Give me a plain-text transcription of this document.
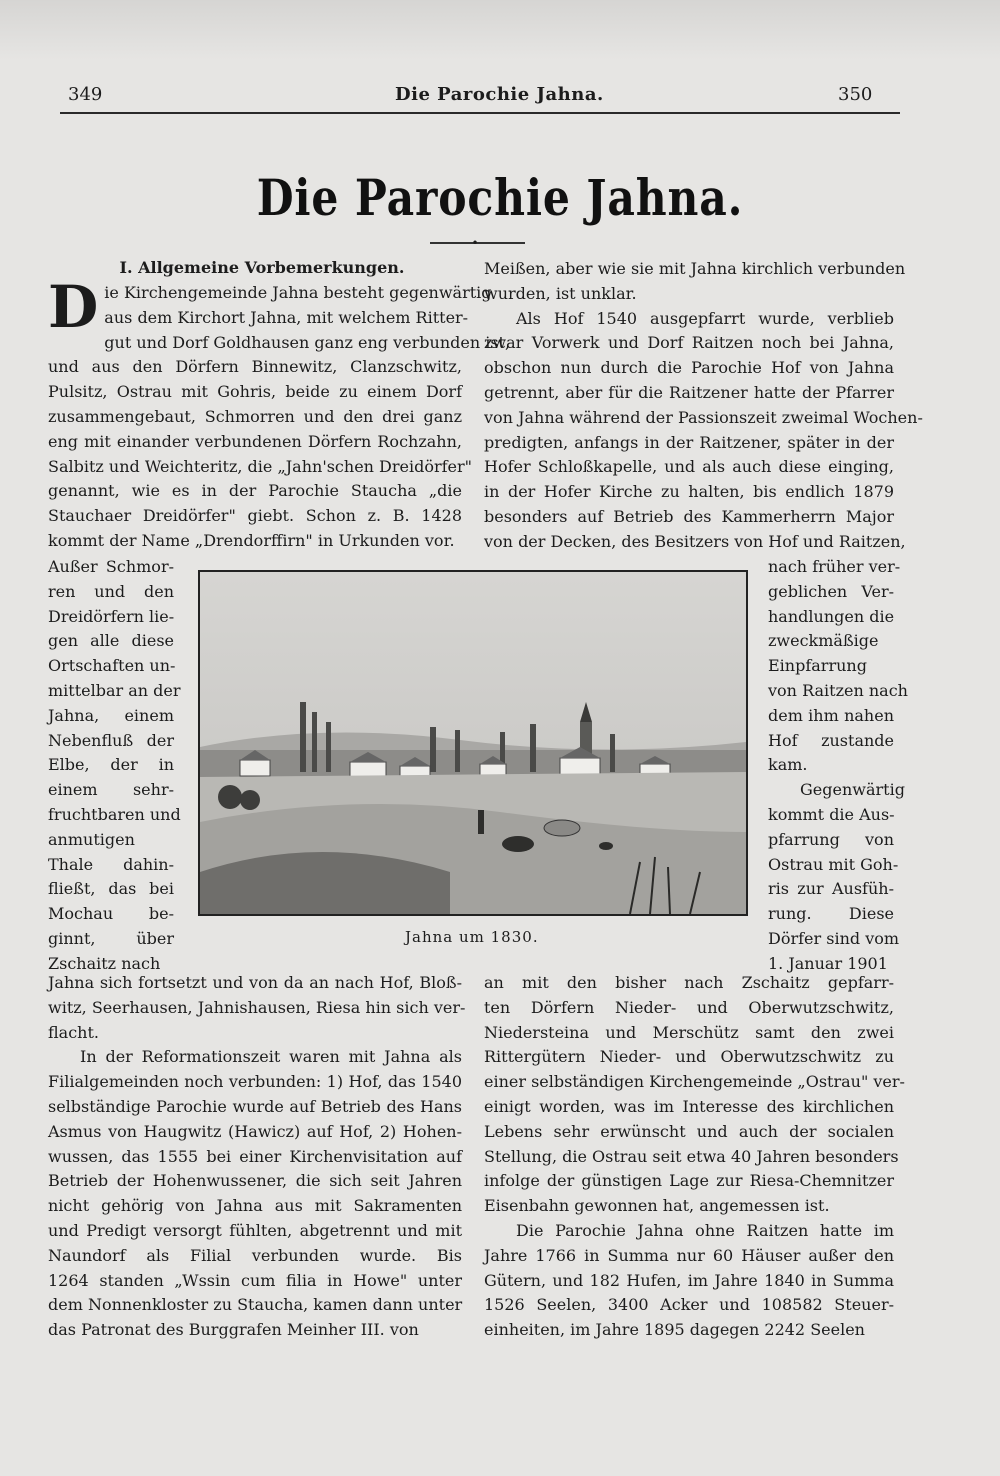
349	Die Parochie Jahna.	350
Die Parochie Jahna.
•
I. Allgemeine Vorbemerkungen.
D ie Kirchengemeinde Jahna besteht gegenwärtig
aus dem Kirchort Jahna, mit welchem Ritter-
gut und Dorf Goldhausen ganz eng verbunden ist,
und aus den Dörfern Binnewitz, Clanzschwitz,
Pulsitz, Ostrau mit Gohris, beide zu einem Dorf
zusammengebaut, Schmorren und den drei ganz
eng mit einander verbundenen Dörfern Rochzahn,
Salbitz und Weichteritz, die „Jahn'schen Dreidörfer"
genannt, wie es in der Parochie Staucha „die
Stauchaer Dreidörfer" giebt. Schon z. B. 1428
kommt der Name „Drendorffirn" in Urkunden vor.
Außer Schmor-
ren und den
Dreidörfern lie-
gen alle diese
Ortschaften un-
mittelbar an der
Jahna, einem
Nebenfluß der
Elbe, der in
einem sehr-
fruchtbaren und
anmutigen
Thale dahin-
fließt, das bei
Mochau be-
ginnt, über
Zschaitz nach
Jahna sich fortsetzt und von da an nach Hof, Bloß-
witz, Seerhausen, Jahnishausen, Riesa hin sich ver-
flacht.
In der Reformationszeit waren mit Jahna als
Filialgemeinden noch verbunden: 1) Hof, das 1540
selbständige Parochie wurde auf Betrieb des Hans
Asmus von Haugwitz (Hawicz) auf Hof, 2) Hohen-
wussen, das 1555 bei einer Kirchenvisitation auf
Betrieb der Hohenwussener, die sich seit Jahren
nicht gehörig von Jahna aus mit Sakramenten
und Predigt versorgt fühlten, abgetrennt und mit
Naundorf als Filial verbunden wurde. Bis
1264 standen „Wssin cum filia in Howe" unter
dem Nonnenkloster zu Staucha, kamen dann unter
das Patronat des Burggrafen Meinher III. von
Meißen, aber wie sie mit Jahna kirchlich verbunden
wurden, ist unklar.
Als Hof 1540 ausgepfarrt wurde, verblieb
zwar Vorwerk und Dorf Raitzen noch bei Jahna,
obschon nun durch die Parochie Hof von Jahna
getrennt, aber für die Raitzener hatte der Pfarrer
von Jahna während der Passionszeit zweimal Wochen-
predigten, anfangs in der Raitzener, später in der
Hofer Schloßkapelle, und als auch diese einging,
in der Hofer Kirche zu halten, bis endlich 1879
besonders auf Betrieb des Kammerherrn Major
von der Decken, des Besitzers von Hof und Raitzen,
nach früher ver-
geblichen Ver-
handlungen die
zweckmäßige
Einpfarrung
von Raitzen nach
dem ihm nahen
Hof zustande
kam.
Gegenwärtig
kommt die Aus-
pfarrung von
Ostrau mit Goh-
ris zur Ausfüh-
rung. Diese
Dörfer sind vom
1. Januar 1901
an mit den bisher nach Zschaitz gepfarr-
ten Dörfern Nieder- und Oberwutzschwitz,
Niedersteina und Merschütz samt den zwei
Rittergütern Nieder- und Oberwutzschwitz zu
einer selbständigen Kirchengemeinde „Ostrau" ver-
einigt worden, was im Interesse des kirchlichen
Lebens sehr erwünscht und auch der socialen
Stellung, die Ostrau seit etwa 40 Jahren besonders
infolge der günstigen Lage zur Riesa-Chemnitzer
Eisenbahn gewonnen hat, angemessen ist.
Die Parochie Jahna ohne Raitzen hatte im
Jahre 1766 in Summa nur 60 Häuser außer den
Gütern, und 182 Hufen, im Jahre 1840 in Summa
1526 Seelen, 3400 Acker und 108582 Steuer-
einheiten, im Jahre 1895 dagegen 2242 Seelen
Jahna um 1830.
